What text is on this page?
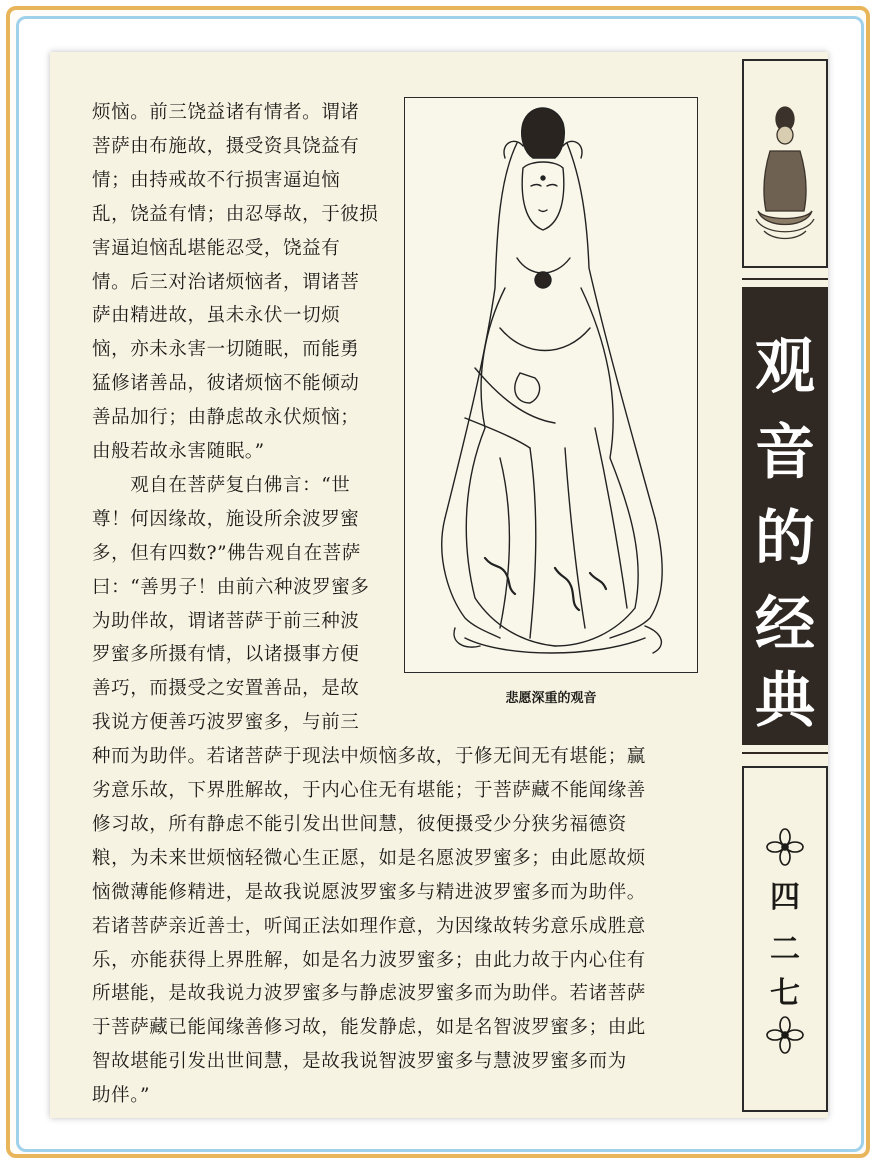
烦恼。前三饶益诸有情者。谓诸
菩萨由布施故，摄受资具饶益有
情；由持戒故不行损害逼迫恼
乱，饶益有情；由忍辱故，于彼损
害逼迫恼乱堪能忍受，饶益有
情。后三对治诸烦恼者，谓诸菩
萨由精进故，虽未永伏一切烦
恼，亦未永害一切随眠，而能勇
猛修诸善品，彼诸烦恼不能倾动
善品加行；由静虑故永伏烦恼；
由般若故永害随眠。”
　　观自在菩萨复白佛言：“世
尊！何因缘故，施设所余波罗蜜
多，但有四数?”佛告观自在菩萨
曰：“善男子！由前六种波罗蜜多
为助伴故，谓诸菩萨于前三种波
罗蜜多所摄有情，以诸摄事方便
善巧，而摄受之安置善品，是故
我说方便善巧波罗蜜多，与前三
种而为助伴。若诸菩萨于现法中烦恼多故，于修无间无有堪能；赢
劣意乐故，下界胜解故，于内心住无有堪能；于菩萨藏不能闻缘善
修习故，所有静虑不能引发出世间慧，彼便摄受少分狭劣福德资
粮，为未来世烦恼轻微心生正愿，如是名愿波罗蜜多；由此愿故烦
恼微薄能修精进，是故我说愿波罗蜜多与精进波罗蜜多而为助伴。
若诸菩萨亲近善士，听闻正法如理作意，为因缘故转劣意乐成胜意
乐，亦能获得上界胜解，如是名力波罗蜜多；由此力故于内心住有
所堪能，是故我说力波罗蜜多与静虑波罗蜜多而为助伴。若诸菩萨
于菩萨藏已能闻缘善修习故，能发静虑，如是名智波罗蜜多；由此
智故堪能引发出世间慧，是故我说智波罗蜜多与慧波罗蜜多而为
助伴。”
悲愿深重的观音
观
音
的
经
典
四
二
七
